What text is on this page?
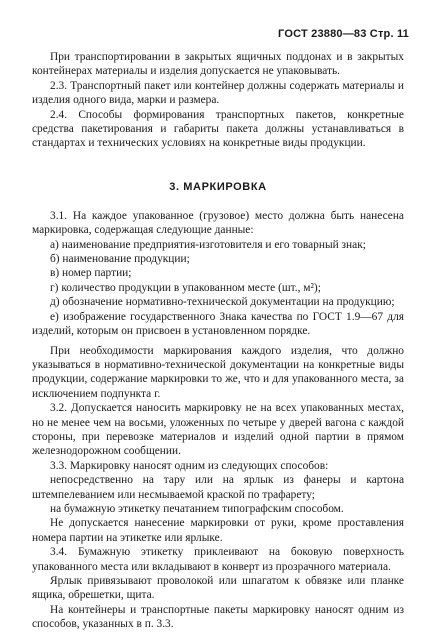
ГОСТ 23880—83 Стр. 11

При транспортировании в закрытых ящичных поддонах и в закрытых контейнерах материалы и изделия допускается не упаковывать.

2.3. Транспортный пакет или контейнер должны содержать материалы и изделия одного вида, марки и размера.

2.4. Способы формирования транспортных пакетов, конкретные средства пакетирования и габариты пакета должны устанавливаться в стандартах и технических условиях на конкретные виды продукции.

3. МАРКИРОВКА

3.1. На каждое упакованное (грузовое) место должна быть нанесена маркировка, содержащая следующие данные:

а) наименование предприятия-изготовителя и его товарный знак;

б) наименование продукции;

в) номер партии;

г) количество продукции в упакованном месте (шт., м²);

д) обозначение нормативно-технической документации на продукцию;

е) изображение государственного Знака качества по ГОСТ 1.9—67 для изделий, которым он присвоен в установленном порядке.

При необходимости маркирования каждого изделия, что должно указываться в нормативно-технической документации на конкретные виды продукции, содержание маркировки то же, что и для упакованного места, за исключением подпункта г.

3.2. Допускается наносить маркировку не на всех упакованных местах, но не менее чем на восьми, уложенных по четыре у дверей вагона с каждой стороны, при перевозке материалов и изделий одной партии в прямом железнодорожном сообщении.

3.3. Маркировку наносят одним из следующих способов:

непосредственно на тару или на ярлык из фанеры и картона штемпелеванием или несмываемой краской по трафарету;

на бумажную этикетку печатанием типографским способом.

Не допускается нанесение маркировки от руки, кроме проставления номера партии на этикетке или ярлыке.

3.4. Бумажную этикетку приклеивают на боковую поверхность упакованного места или вкладывают в конверт из прозрачного материала.

Ярлык привязывают проволокой или шпагатом к обвязке или планке ящика, обрешетки, щита.

На контейнеры и транспортные пакеты маркировку наносят одним из способов, указанных в п. 3.3.
